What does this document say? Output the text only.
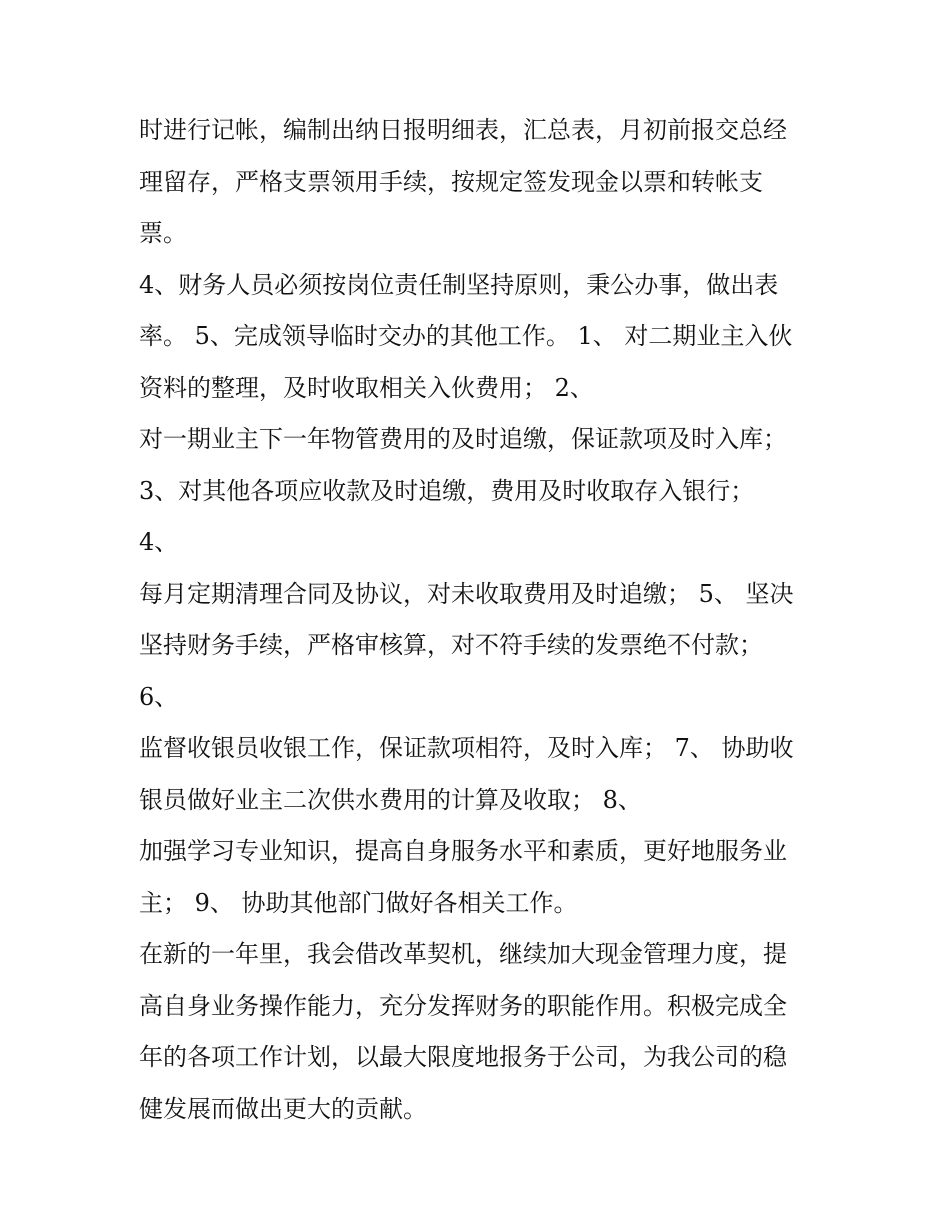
时进行记帐，编制出纳日报明细表，汇总表，月初前报交总经
理留存，严格支票领用手续，按规定签发现金以票和转帐支
票。
4、财务人员必须按岗位责任制坚持原则，秉公办事，做出表
率。 5、完成领导临时交办的其他工作。 1、 对二期业主入伙
资料的整理，及时收取相关入伙费用； 2、
对一期业主下一年物管费用的及时追缴，保证款项及时入库；
3、对其他各项应收款及时追缴，费用及时收取存入银行；
4、
每月定期清理合同及协议，对未收取费用及时追缴； 5、 坚决
坚持财务手续，严格审核算，对不符手续的发票绝不付款；
6、
监督收银员收银工作，保证款项相符，及时入库； 7、 协助收
银员做好业主二次供水费用的计算及收取； 8、
加强学习专业知识，提高自身服务水平和素质，更好地服务业
主； 9、 协助其他部门做好各相关工作。
在新的一年里，我会借改革契机，继续加大现金管理力度，提
高自身业务操作能力，充分发挥财务的职能作用。积极完成全
年的各项工作计划，以最大限度地报务于公司，为我公司的稳
健发展而做出更大的贡献。
